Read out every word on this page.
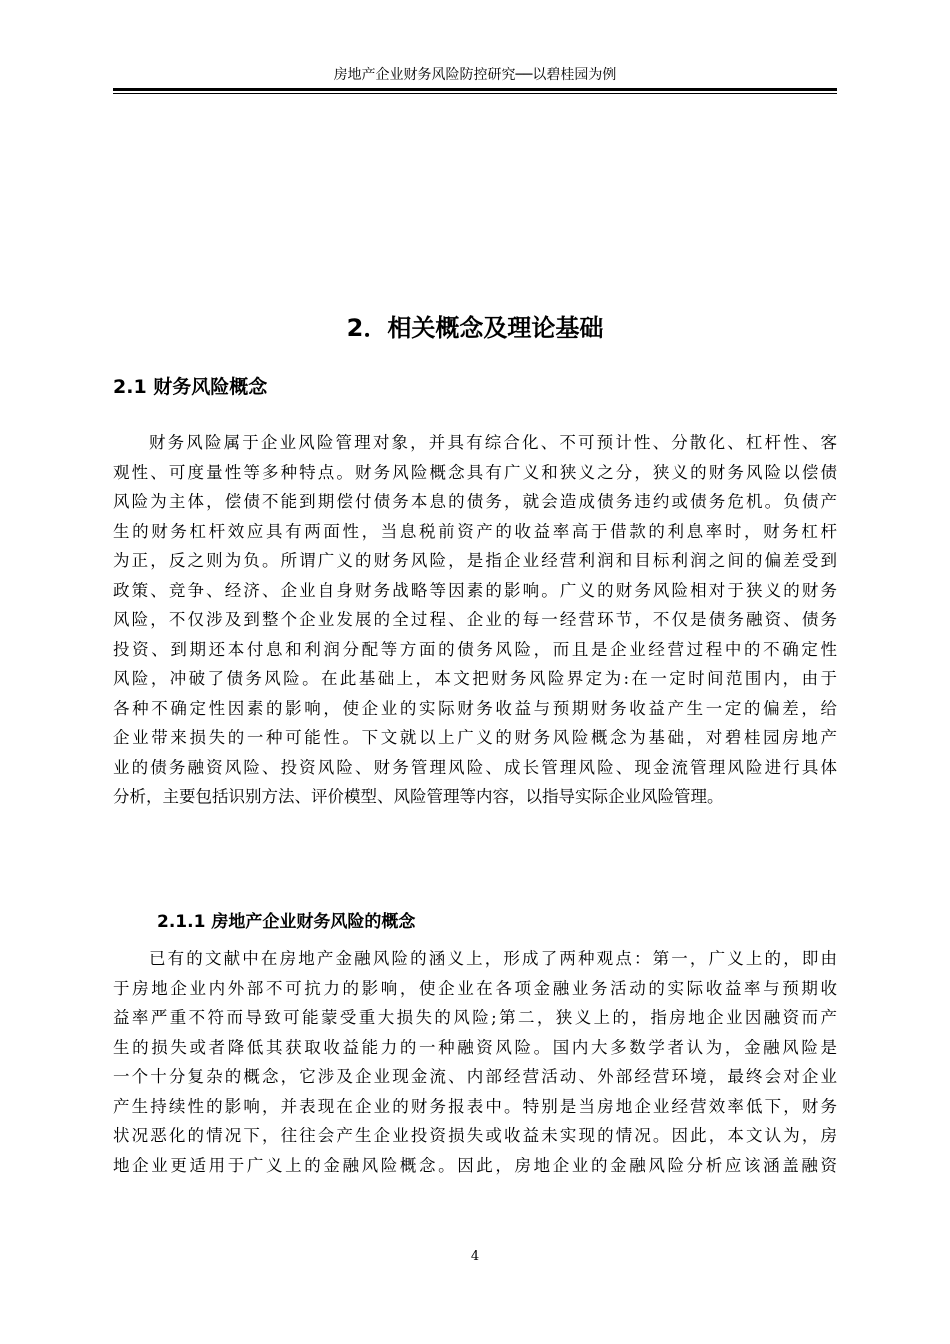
房地产企业财务风险防控研究──以碧桂园为例
2．相关概念及理论基础
2.1 财务风险概念

财务风险属于企业风险管理对象，并具有综合化、不可预计性、分散化、杠杆性、客
观性、可度量性等多种特点。财务风险概念具有广义和狭义之分，狭义的财务风险以偿债
风险为主体，偿债不能到期偿付债务本息的债务，就会造成债务违约或债务危机。负债产
生的财务杠杆效应具有两面性，当息税前资产的收益率高于借款的利息率时，财务杠杆
为正，反之则为负。所谓广义的财务风险，是指企业经营利润和目标利润之间的偏差受到
政策、竞争、经济、企业自身财务战略等因素的影响。广义的财务风险相对于狭义的财务
风险，不仅涉及到整个企业发展的全过程、企业的每一经营环节，不仅是债务融资、债务
投资、到期还本付息和利润分配等方面的债务风险，而且是企业经营过程中的不确定性
风险，冲破了债务风险。在此基础上，本文把财务风险界定为:在一定时间范围内，由于
各种不确定性因素的影响，使企业的实际财务收益与预期财务收益产生一定的偏差，给
企业带来损失的一种可能性。下文就以上广义的财务风险概念为基础，对碧桂园房地产
业的债务融资风险、投资风险、财务管理风险、成长管理风险、现金流管理风险进行具体
分析，主要包括识别方法、评价模型、风险管理等内容，以指导实际企业风险管理。

2.1.1 房地产企业财务风险的概念

已有的文献中在房地产金融风险的涵义上，形成了两种观点：第一，广义上的，即由
于房地企业内外部不可抗力的影响，使企业在各项金融业务活动的实际收益率与预期收
益率严重不符而导致可能蒙受重大损失的风险;第二，狭义上的，指房地企业因融资而产
生的损失或者降低其获取收益能力的一种融资风险。国内大多数学者认为，金融风险是
一个十分复杂的概念，它涉及企业现金流、内部经营活动、外部经营环境，最终会对企业
产生持续性的影响，并表现在企业的财务报表中。特别是当房地企业经营效率低下，财务
状况恶化的情况下，往往会产生企业投资损失或收益未实现的情况。因此，本文认为，房
地企业更适用于广义上的金融风险概念。因此，房地企业的金融风险分析应该涵盖融资

4
